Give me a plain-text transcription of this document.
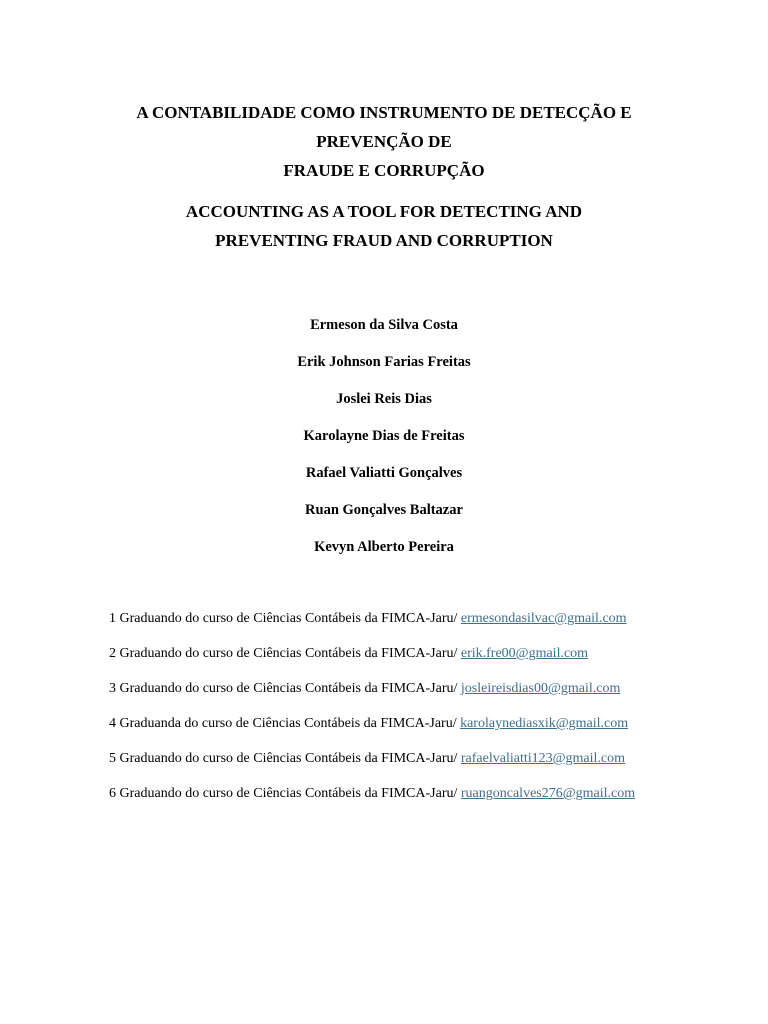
A CONTABILIDADE COMO INSTRUMENTO DE DETECÇÃO E
PREVENÇÃO DE
FRAUDE E CORRUPÇÃO
ACCOUNTING AS A TOOL FOR DETECTING AND
PREVENTING FRAUD AND CORRUPTION
Ermeson da Silva Costa
Erik Johnson Farias Freitas
Joslei Reis Dias
Karolayne Dias de Freitas
Rafael Valiatti Gonçalves
Ruan Gonçalves Baltazar
Kevyn Alberto Pereira
1 Graduando do curso de Ciências Contábeis da FIMCA-Jaru/ ermesondasilvac@gmail.com
2 Graduando do curso de Ciências Contábeis da FIMCA-Jaru/ erik.fre00@gmail.com
3 Graduando do curso de Ciências Contábeis da FIMCA-Jaru/ josleireisdias00@gmail.com
4 Graduanda do curso de Ciências Contábeis da FIMCA-Jaru/ karolaynediasxik@gmail.com
5 Graduando do curso de Ciências Contábeis da FIMCA-Jaru/ rafaelvaliatti123@gmail.com
6 Graduando do curso de Ciências Contábeis da FIMCA-Jaru/ ruangoncalves276@gmail.com
